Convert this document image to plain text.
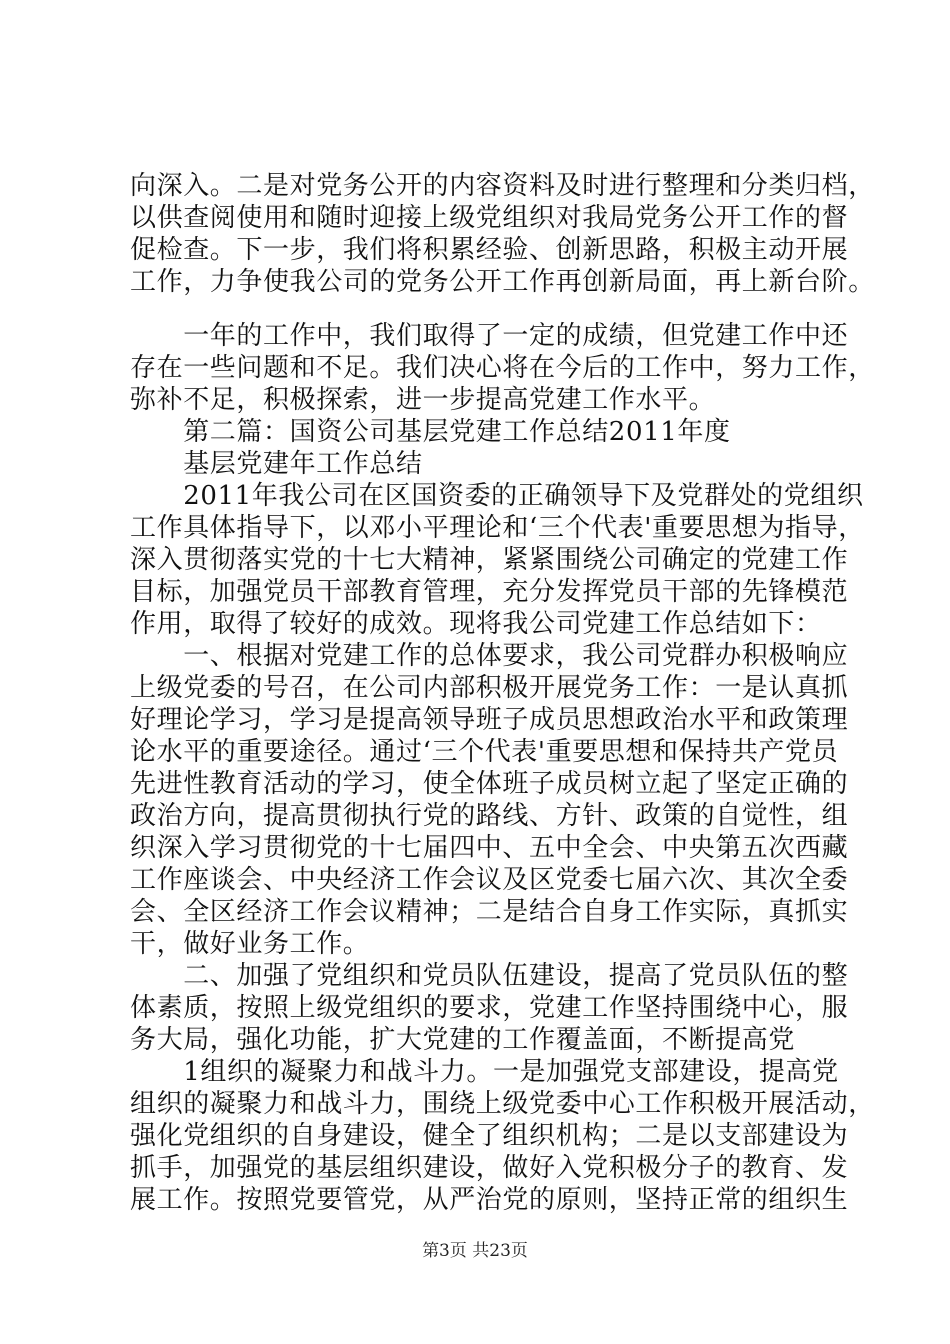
向深入。二是对党务公开的内容资料及时进行整理和分类归档，
以供查阅使用和随时迎接上级党组织对我局党务公开工作的督
促检查。下一步，我们将积累经验、创新思路，积极主动开展
工作，力争使我公司的党务公开工作再创新局面，再上新台阶。
　　一年的工作中，我们取得了一定的成绩，但党建工作中还
存在一些问题和不足。我们决心将在今后的工作中，努力工作，
弥补不足，积极探索，进一步提高党建工作水平。
　　第二篇：国资公司基层党建工作总结2011年度
　　基层党建年工作总结
　　2011年我公司在区国资委的正确领导下及党群处的党组织
工作具体指导下，以邓小平理论和‘三个代表'重要思想为指导，
深入贯彻落实党的十七大精神，紧紧围绕公司确定的党建工作
目标，加强党员干部教育管理，充分发挥党员干部的先锋模范
作用，取得了较好的成效。现将我公司党建工作总结如下：
　　一、根据对党建工作的总体要求，我公司党群办积极响应
上级党委的号召，在公司内部积极开展党务工作：一是认真抓
好理论学习，学习是提高领导班子成员思想政治水平和政策理
论水平的重要途径。通过‘三个代表'重要思想和保持共产党员
先进性教育活动的学习，使全体班子成员树立起了坚定正确的
政治方向，提高贯彻执行党的路线、方针、政策的自觉性，组
织深入学习贯彻党的十七届四中、五中全会、中央第五次西藏
工作座谈会、中央经济工作会议及区党委七届六次、其次全委
会、全区经济工作会议精神；二是结合自身工作实际，真抓实
干，做好业务工作。
　　二、加强了党组织和党员队伍建设，提高了党员队伍的整
体素质，按照上级党组织的要求，党建工作坚持围绕中心，服
务大局，强化功能，扩大党建的工作覆盖面，不断提高党
　　1组织的凝聚力和战斗力。一是加强党支部建设，提高党
组织的凝聚力和战斗力，围绕上级党委中心工作积极开展活动，
强化党组织的自身建设，健全了组织机构；二是以支部建设为
抓手，加强党的基层组织建设，做好入党积极分子的教育、发
展工作。按照党要管党，从严治党的原则，坚持正常的组织生
第3页 共23页
